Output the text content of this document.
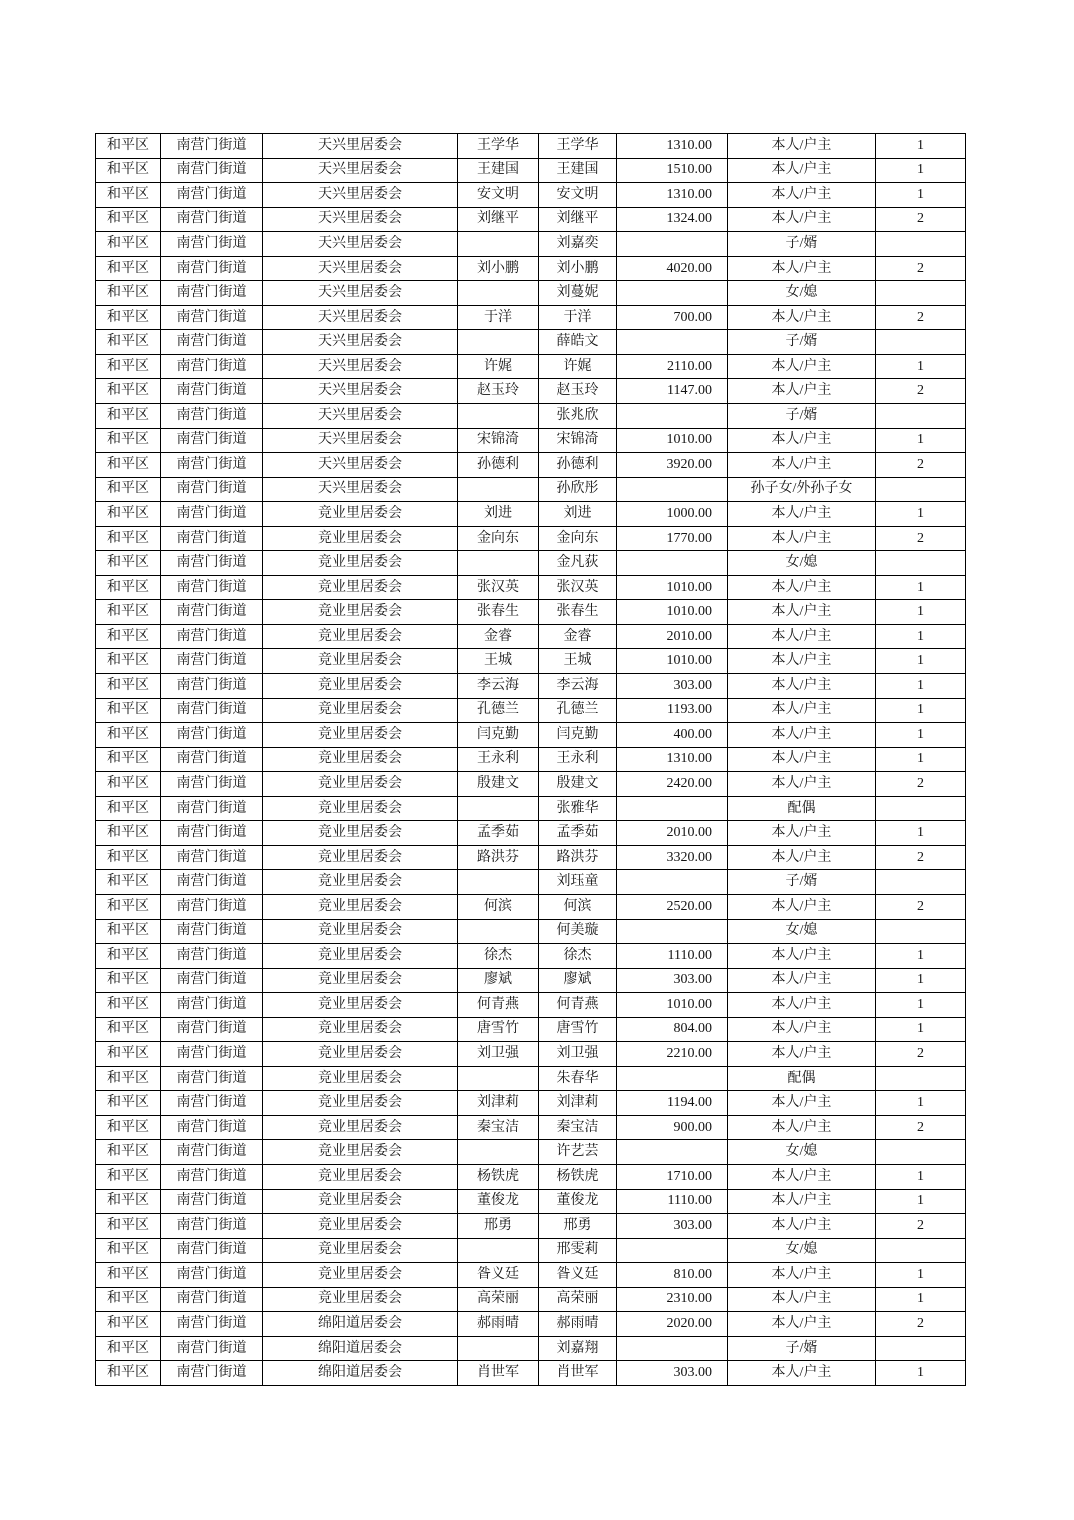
和平区	南营门街道	天兴里居委会	王学华	王学华	1310.00	本人/户主	1
和平区	南营门街道	天兴里居委会	王建国	王建国	1510.00	本人/户主	1
和平区	南营门街道	天兴里居委会	安文明	安文明	1310.00	本人/户主	1
和平区	南营门街道	天兴里居委会	刘继平	刘继平	1324.00	本人/户主	2
和平区	南营门街道	天兴里居委会		刘嘉奕		子/婿	
和平区	南营门街道	天兴里居委会	刘小鹏	刘小鹏	4020.00	本人/户主	2
和平区	南营门街道	天兴里居委会		刘蔓妮		女/媳	
和平区	南营门街道	天兴里居委会	于洋	于洋	700.00	本人/户主	2
和平区	南营门街道	天兴里居委会		薛皓文		子/婿	
和平区	南营门街道	天兴里居委会	许娓	许娓	2110.00	本人/户主	1
和平区	南营门街道	天兴里居委会	赵玉玲	赵玉玲	1147.00	本人/户主	2
和平区	南营门街道	天兴里居委会		张兆欣		子/婿	
和平区	南营门街道	天兴里居委会	宋锦渏	宋锦渏	1010.00	本人/户主	1
和平区	南营门街道	天兴里居委会	孙德利	孙德利	3920.00	本人/户主	2
和平区	南营门街道	天兴里居委会		孙欣彤		孙子女/外孙子女	
和平区	南营门街道	竞业里居委会	刘进	刘进	1000.00	本人/户主	1
和平区	南营门街道	竞业里居委会	金向东	金向东	1770.00	本人/户主	2
和平区	南营门街道	竞业里居委会		金凡荻		女/媳	
和平区	南营门街道	竞业里居委会	张汉英	张汉英	1010.00	本人/户主	1
和平区	南营门街道	竞业里居委会	张春生	张春生	1010.00	本人/户主	1
和平区	南营门街道	竞业里居委会	金睿	金睿	2010.00	本人/户主	1
和平区	南营门街道	竞业里居委会	王城	王城	1010.00	本人/户主	1
和平区	南营门街道	竞业里居委会	李云海	李云海	303.00	本人/户主	1
和平区	南营门街道	竞业里居委会	孔德兰	孔德兰	1193.00	本人/户主	1
和平区	南营门街道	竞业里居委会	闫克勤	闫克勤	400.00	本人/户主	1
和平区	南营门街道	竞业里居委会	王永利	王永利	1310.00	本人/户主	1
和平区	南营门街道	竞业里居委会	殷建文	殷建文	2420.00	本人/户主	2
和平区	南营门街道	竞业里居委会		张雅华		配偶	
和平区	南营门街道	竞业里居委会	孟季茹	孟季茹	2010.00	本人/户主	1
和平区	南营门街道	竞业里居委会	路洪芬	路洪芬	3320.00	本人/户主	2
和平区	南营门街道	竞业里居委会		刘珏童		子/婿	
和平区	南营门街道	竞业里居委会	何滨	何滨	2520.00	本人/户主	2
和平区	南营门街道	竞业里居委会		何美璇		女/媳	
和平区	南营门街道	竞业里居委会	徐杰	徐杰	1110.00	本人/户主	1
和平区	南营门街道	竞业里居委会	廖斌	廖斌	303.00	本人/户主	1
和平区	南营门街道	竞业里居委会	何青燕	何青燕	1010.00	本人/户主	1
和平区	南营门街道	竞业里居委会	唐雪竹	唐雪竹	804.00	本人/户主	1
和平区	南营门街道	竞业里居委会	刘卫强	刘卫强	2210.00	本人/户主	2
和平区	南营门街道	竞业里居委会		朱春华		配偶	
和平区	南营门街道	竞业里居委会	刘津莉	刘津莉	1194.00	本人/户主	1
和平区	南营门街道	竞业里居委会	秦宝洁	秦宝洁	900.00	本人/户主	2
和平区	南营门街道	竞业里居委会		许艺芸		女/媳	
和平区	南营门街道	竞业里居委会	杨铁虎	杨铁虎	1710.00	本人/户主	1
和平区	南营门街道	竞业里居委会	董俊龙	董俊龙	1110.00	本人/户主	1
和平区	南营门街道	竞业里居委会	邢勇	邢勇	303.00	本人/户主	2
和平区	南营门街道	竞业里居委会		邢雯莉		女/媳	
和平区	南营门街道	竞业里居委会	昝义廷	昝义廷	810.00	本人/户主	1
和平区	南营门街道	竞业里居委会	高荣丽	高荣丽	2310.00	本人/户主	1
和平区	南营门街道	绵阳道居委会	郝雨晴	郝雨晴	2020.00	本人/户主	2
和平区	南营门街道	绵阳道居委会		刘嘉翔		子/婿	
和平区	南营门街道	绵阳道居委会	肖世军	肖世军	303.00	本人/户主	1
